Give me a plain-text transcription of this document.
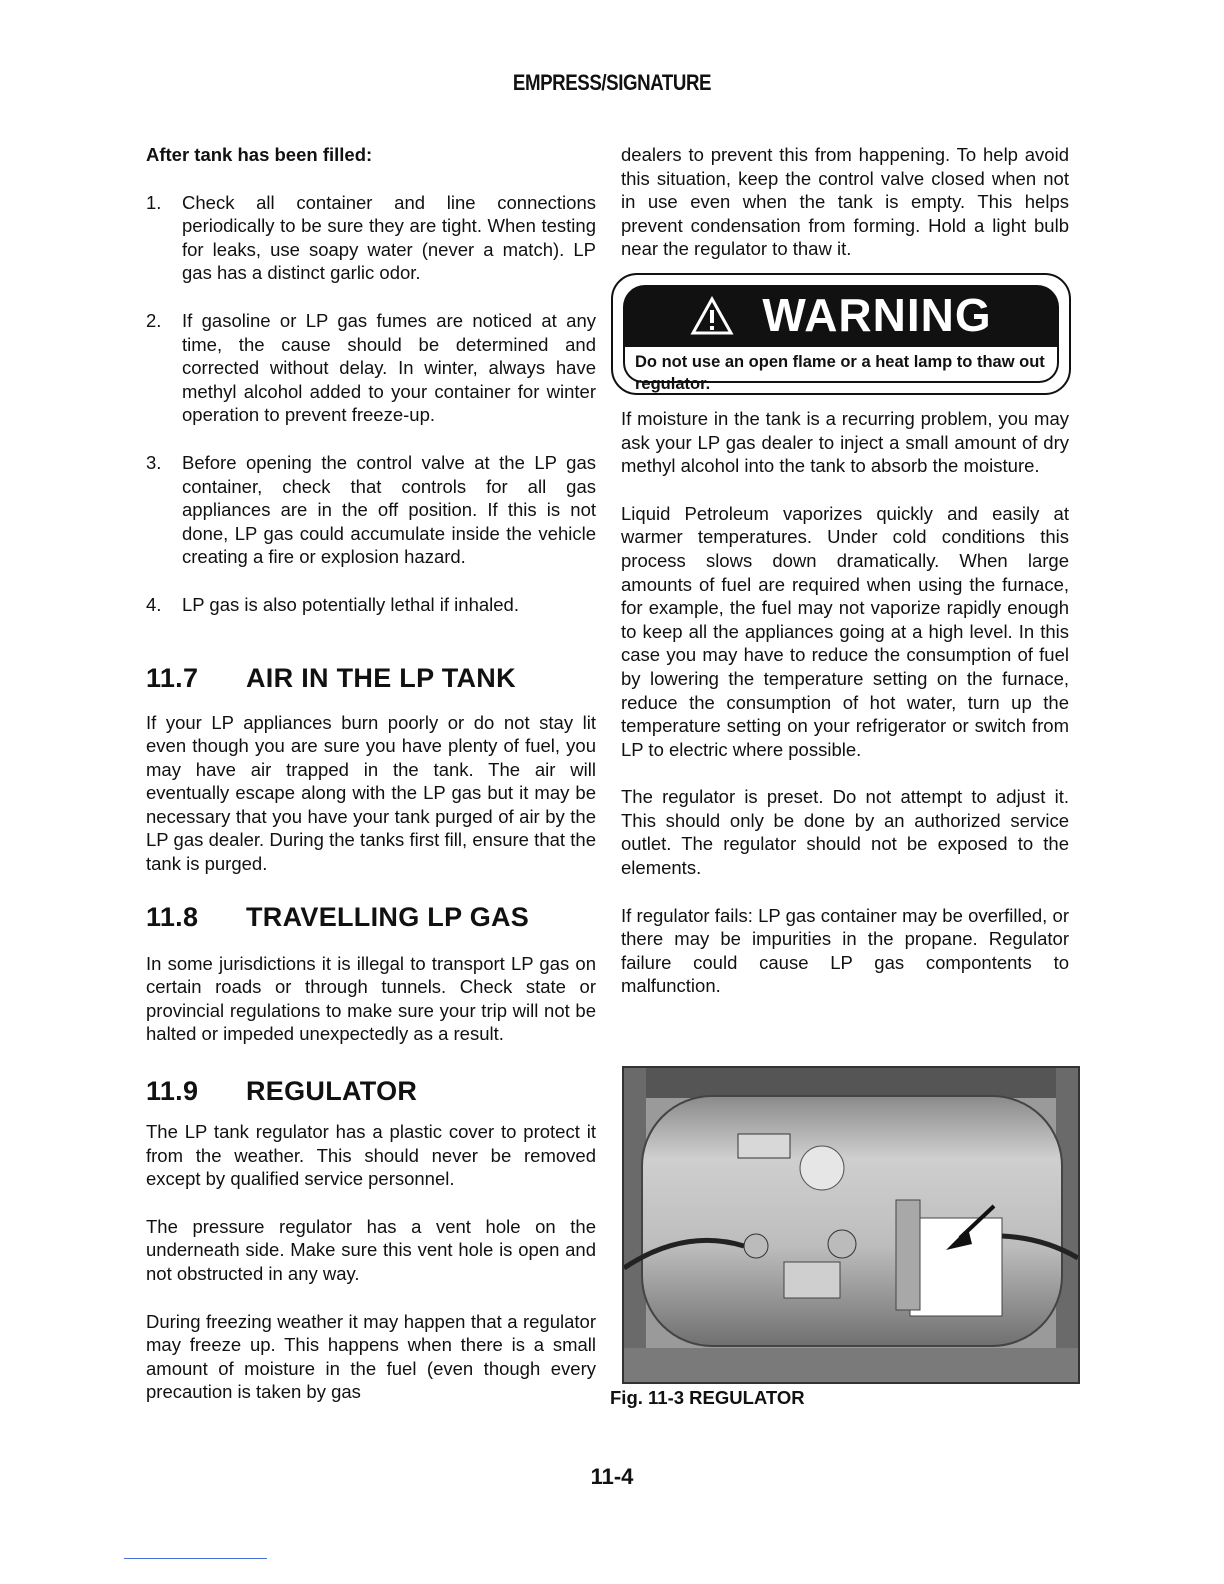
EMPRESS/SIGNATURE

After tank has been filled:

1. Check all container and line connections periodically to be sure they are tight. When testing for leaks, use soapy water (never a match). LP gas has a distinct garlic odor.
2. If gasoline or LP gas fumes are noticed at any time, the cause should be determined and corrected without delay. In winter, always have methyl alcohol added to your container for winter operation to prevent freeze-up.
3. Before opening the control valve at the LP gas container, check that controls for all gas appliances are in the off position. If this is not done, LP gas could accumulate inside the vehicle creating a fire or explosion hazard.
4. LP gas is also potentially lethal if inhaled.
11.7 AIR IN THE LP TANK

If your LP appliances burn poorly or do not stay lit even though you are sure you have plenty of fuel, you may have air trapped in the tank. The air will eventually escape along with the LP gas but it may be necessary that you have your tank purged of air by the LP gas dealer. During the tanks first fill, ensure that the tank is purged.

11.8 TRAVELLING LP GAS

In some jurisdictions it is illegal to transport LP gas on certain roads or through tunnels. Check state or provincial regulations to make sure your trip will not be halted or impeded unexpectedly as a result.

11.9 REGULATOR

The LP tank regulator has a plastic cover to protect it from the weather. This should never be removed except by qualified service personnel.

The pressure regulator has a vent hole on the underneath side. Make sure this vent hole is open and not obstructed in any way.

During freezing weather it may happen that a regulator may freeze up. This happens when there is a small amount of moisture in the fuel (even though every precaution is taken by gas

dealers to prevent this from happening. To help avoid this situation, keep the control valve closed when not in use even when the tank is empty. This helps prevent condensation from forming. Hold a light bulb near the regulator to thaw it.

WARNING
Do not use an open flame or a heat lamp to thaw out regulator.

If moisture in the tank is a recurring problem, you may ask your LP gas dealer to inject a small amount of dry methyl alcohol into the tank to absorb the moisture.

Liquid Petroleum vaporizes quickly and easily at warmer temperatures. Under cold conditions this process slows down dramatically. When large amounts of fuel are required when using the furnace, for example, the fuel may not vaporize rapidly enough to keep all the appliances going at a high level. In this case you may have to reduce the consumption of fuel by lowering the temperature setting on the furnace, reduce the consumption of hot water, turn up the temperature setting on your refrigerator or switch from LP to electric where possible.

The regulator is preset. Do not attempt to adjust it. This should only be done by an authorized service outlet. The regulator should not be exposed to the elements.

If regulator fails: LP gas container may be overfilled, or there may be impurities in the propane. Regulator failure could cause LP gas compontents to malfunction.

Fig. 11-3 REGULATOR
11-4
